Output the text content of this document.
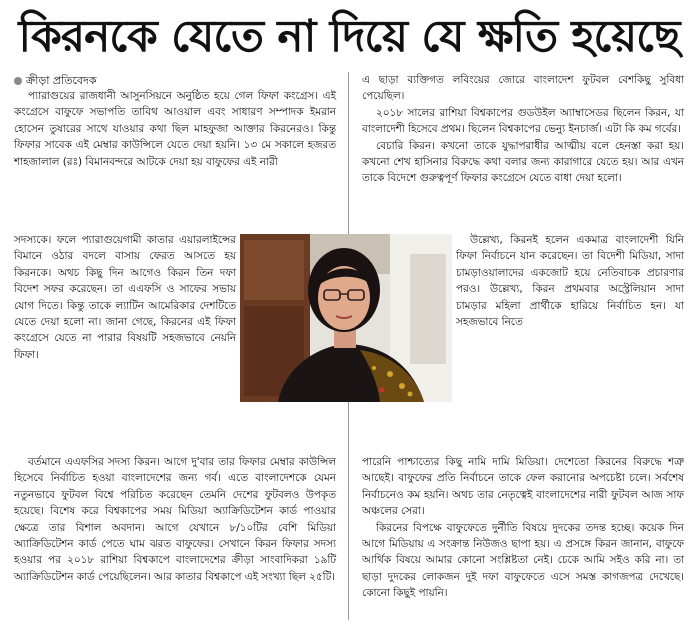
কিরনকে যেতে না দিয়ে যে ক্ষতি হয়েছে
ক্রীড়া প্রতিবেদক

প্যারাগুয়ের রাজধানী আসুনসিয়নে অনুষ্ঠিত হয়ে গেল ফিফা কংগ্রেস। এই কংগ্রেসে বাফুফে সভাপতি তাবিথ আওয়াল এবং সাধারণ সম্পাদক ইমরান হোসেন তুষারের সাথে যাওয়ার কথা ছিল মাহফুজা আক্তার কিরনেরও। কিন্তু ফিফার সাবেক এই মেম্বার কাউন্সিলে যেতে দেয়া হয়নি। ১৩ মে সকালে হজরত শাহজালাল (রঃ) বিমানবন্দরে আটকে দেয়া হয় বাফুফের এই নারী

সদস্যকে। ফলে প্যারাগুয়েগামী কাতার এয়ারলাইন্সের বিমানে ওঠার বদলে বাসায় ফেরত আসতে হয় কিরনকে। অথচ কিছু দিন আগেও কিরন তিন দফা বিদেশ সফর করেছেন। তা এএফসি ও সাফের সভায় যোগ দিতে। কিন্তু তাকে ল্যাটিন আমেরিকার দেশটিতে যেতে দেয়া হলো না। জানা গেছে, কিরনের এই ফিফা কংগ্রেসে যেতে না পারার বিষয়টি সহজভাবে নেয়নি ফিফা।

বর্তমানে এএফসির সদস্য কিরন। আগে দু'বার তার ফিফার মেম্বার কাউন্সিল হিসেবে নির্বাচিত হওয়া বাংলাদেশের জন্য গর্ব। এতে বাংলাদেশকে যেমন নতুনভাবে ফুটবল বিশ্বে পরিচিত করেছেন তেমনি দেশের ফুটবলও উপকৃত হয়েছে। বিশেষ করে বিশ্বকাপের সময় মিডিয়া অ্যাক্রিডিটেশন কার্ড পাওয়ার ক্ষেত্রে তার বিশাল অবদান। আগে যেখানে ৮/১০টির বেশি মিডিয়া অ্যাক্রিডিটেশন কার্ড পেতে ঘাম ঝরত বাফুফের। সেখানে কিরন ফিফার সদস্য হওয়ার পর ২০১৮ রাশিয়া বিশ্বকাপে বাংলাদেশের ক্রীড়া সাংবাদিকরা ১৯টি অ্যাক্রিডিটেশন কার্ড পেয়েছিলেন। আর কাতার বিশ্বকাপে এই সংখ্যা ছিল ২৫টি।

এ ছাড়া ব্যক্তিগত লবিংয়ের জোরে বাংলাদেশ ফুটবল বেশকিছু সুবিধা পেয়েছিল।

২০১৮ সালের রাশিয়া বিশ্বকাপের গুডউইল অ্যাম্বাসেডর ছিলেন কিরন, যা বাংলাদেশী হিসেবে প্রথম। ছিলেন বিশ্বকাপের ভেন্যু ইনচার্জ। এটা কি কম গর্বের।

বেচারি কিরন। কখনো তাকে যুদ্ধাপরাধীর আত্মীয় বলে হেনস্তা করা হয়। কখনো শেখ হাসিনার বিরুদ্ধে কথা বলার জন্য কারাগারে যেতে হয়। আর এখন তাকে বিদেশে গুরুত্বপূর্ণ ফিফার কংগ্রেসে যেতে বাধা দেয়া হলো।

উল্লেখ্য, কিরনই হলেন একমাত্র বাংলাদেশী যিনি ফিফা নির্বাচনে যান করেছেন। তা বিদেশী মিডিয়া, সাদা চামড়াওয়ালাদের একজোট হয়ে নেতিবাচক প্রচারণার পরও। উল্লেখ্য, কিরন প্রথমবার অস্ট্রেলিয়ান সাদা চামড়ার মহিলা প্রার্থীকে হারিয়ে নির্বাচিত হন। যা সহজভাবে নিতে

পারেনি পাশ্চাত্যের কিছু নামি দামি মিডিয়া। দেশেতো কিরনের বিরুদ্ধে শত্রু আছেই। বাফুফের প্রতি নির্বাচনে তাকে ফেল করানোর অপচেষ্টা চলে। সর্বশেষ নির্বাচনেও কম হয়নি। অথচ তার নেতৃত্বেই বাংলাদেশের নারী ফুটবল আজ সাফ অঞ্চলের সেরা।

কিরনের বিপক্ষে বাফুফেতে দুর্নীতি বিষয়ে দুদকের তদন্ত হচ্ছে। কয়েক দিন আগে মিডিয়ায় এ সংক্রান্ত নিউজও ছাপা হয়। এ প্রসঙ্গে কিরন জানান, বাফুফে আর্থিক বিষয়ে আমার কোনো সংশ্লিষ্টতা নেই। চেকে আমি সইও করি না। তা ছাড়া দুদকের লোকজন দুই দফা বাফুফেতে এসে সমস্ত কাগজপত্র দেখেছে। কোনো কিছুই পায়নি।
